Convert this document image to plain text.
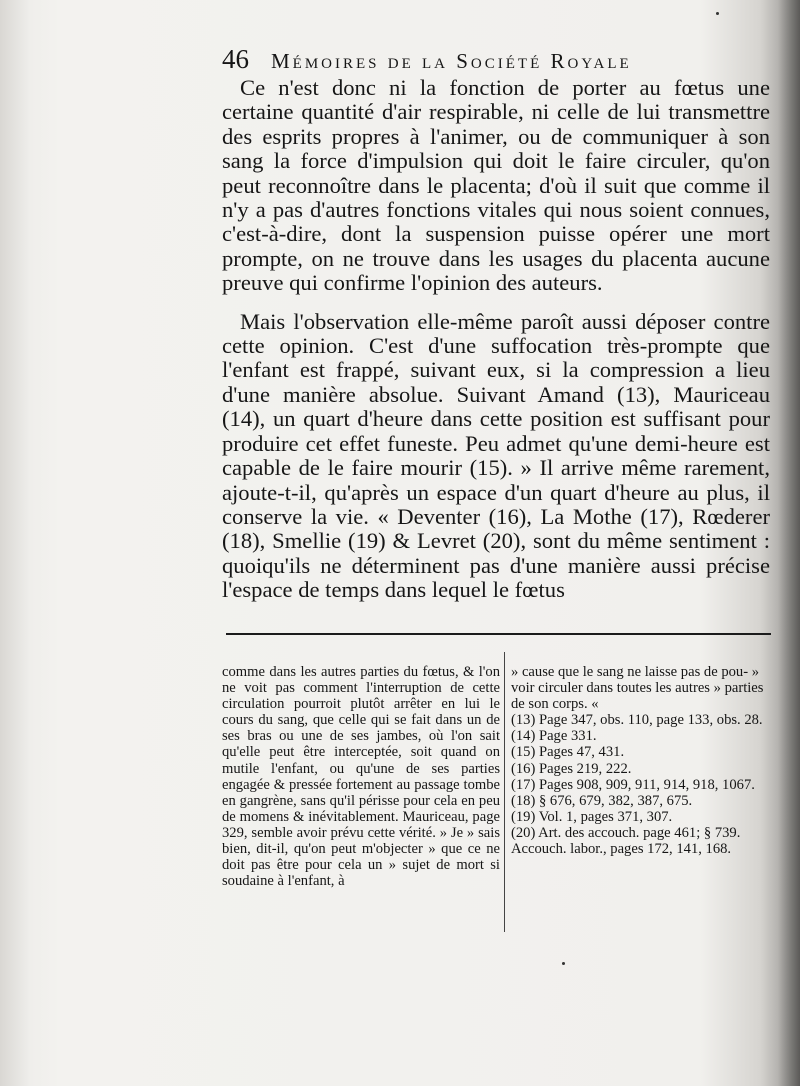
46 Mémoires de la Société Royale

Ce n'est donc ni la fonction de porter au fœtus une certaine quantité d'air respirable, ni celle de lui transmettre des esprits propres à l'animer, ou de communiquer à son sang la force d'impulsion qui doit le faire circuler, qu'on peut reconnoître dans le placenta; d'où il suit que comme il n'y a pas d'autres fonctions vitales qui nous soient connues, c'est-à-dire, dont la suspension puisse opérer une mort prompte, on ne trouve dans les usages du placenta aucune preuve qui confirme l'opinion des auteurs.

Mais l'observation elle-même paroît aussi déposer contre cette opinion. C'est d'une suffocation très-prompte que l'enfant est frappé, suivant eux, si la compression a lieu d'une manière absolue. Suivant Amand (13), Mauriceau (14), un quart d'heure dans cette position est suffisant pour produire cet effet funeste. Peu admet qu'une demi-heure est capable de le faire mourir (15). » Il arrive même rarement, ajoute-t-il, qu'après un espace d'un quart d'heure au plus, il conserve la vie. « Deventer (16), La Mothe (17), Rœderer (18), Smellie (19) & Levret (20), sont du même sentiment : quoiqu'ils ne déterminent pas d'une manière aussi précise l'espace de temps dans lequel le fœtus

comme dans les autres parties du fœtus, & l'on ne voit pas comment l'interruption de cette circulation pourroit plutôt arrêter en lui le cours du sang, que celle qui se fait dans un de ses bras ou une de ses jambes, où l'on sait qu'elle peut être interceptée, soit quand on mutile l'enfant, ou qu'une de ses parties engagée & pressée fortement au passage tombe en gangrène, sans qu'il périsse pour cela en peu de momens & inévitablement. Mauriceau, page 329, semble avoir prévu cette vérité. » Je » sais bien, dit-il, qu'on peut m'objecter » que ce ne doit pas être pour cela un » sujet de mort si soudaine à l'enfant, à

» cause que le sang ne laisse pas de pou- » voir circuler dans toutes les autres » parties de son corps. «

(13) Page 347, obs. 110, page 133, obs. 28.

(14) Page 331.

(15) Pages 47, 431.

(16) Pages 219, 222.

(17) Pages 908, 909, 911, 914, 918, 1067.

(18) § 676, 679, 382, 387, 675.

(19) Vol. 1, pages 371, 307.

(20) Art. des accouch. page 461; § 739. Accouch. labor., pages 172, 141, 168.
